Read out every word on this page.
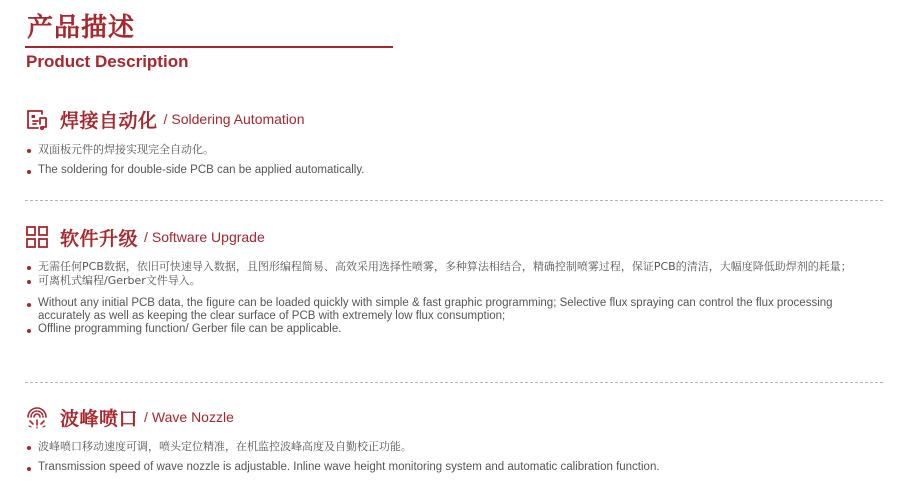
产品描述
Product Description
焊接自动化 / Soldering Automation
双面板元件的焊接实现完全自动化。
The soldering for double-side PCB can be applied automatically.
软件升级 / Software Upgrade
无需任何PCB数据，依旧可快速导入数据，且图形编程简易、高效采用选择性喷雾，多种算法相结合，精确控制喷雾过程，保证PCB的清洁，大幅度降低助焊剂的耗量；
可离机式编程/Gerber文件导入。
Without any initial PCB data, the figure can be loaded quickly with simple & fast graphic programming; Selective flux spraying can control the flux processing accurately as well as keeping the clear surface of PCB with extremely low flux consumption;
Offline programming function/ Gerber file can be applicable.
波峰喷口 / Wave Nozzle
波峰喷口移动速度可调，喷头定位精准，在机监控波峰高度及自勤校正功能。
Transmission speed of wave nozzle is adjustable. Inline wave height monitoring system and automatic calibration function.
